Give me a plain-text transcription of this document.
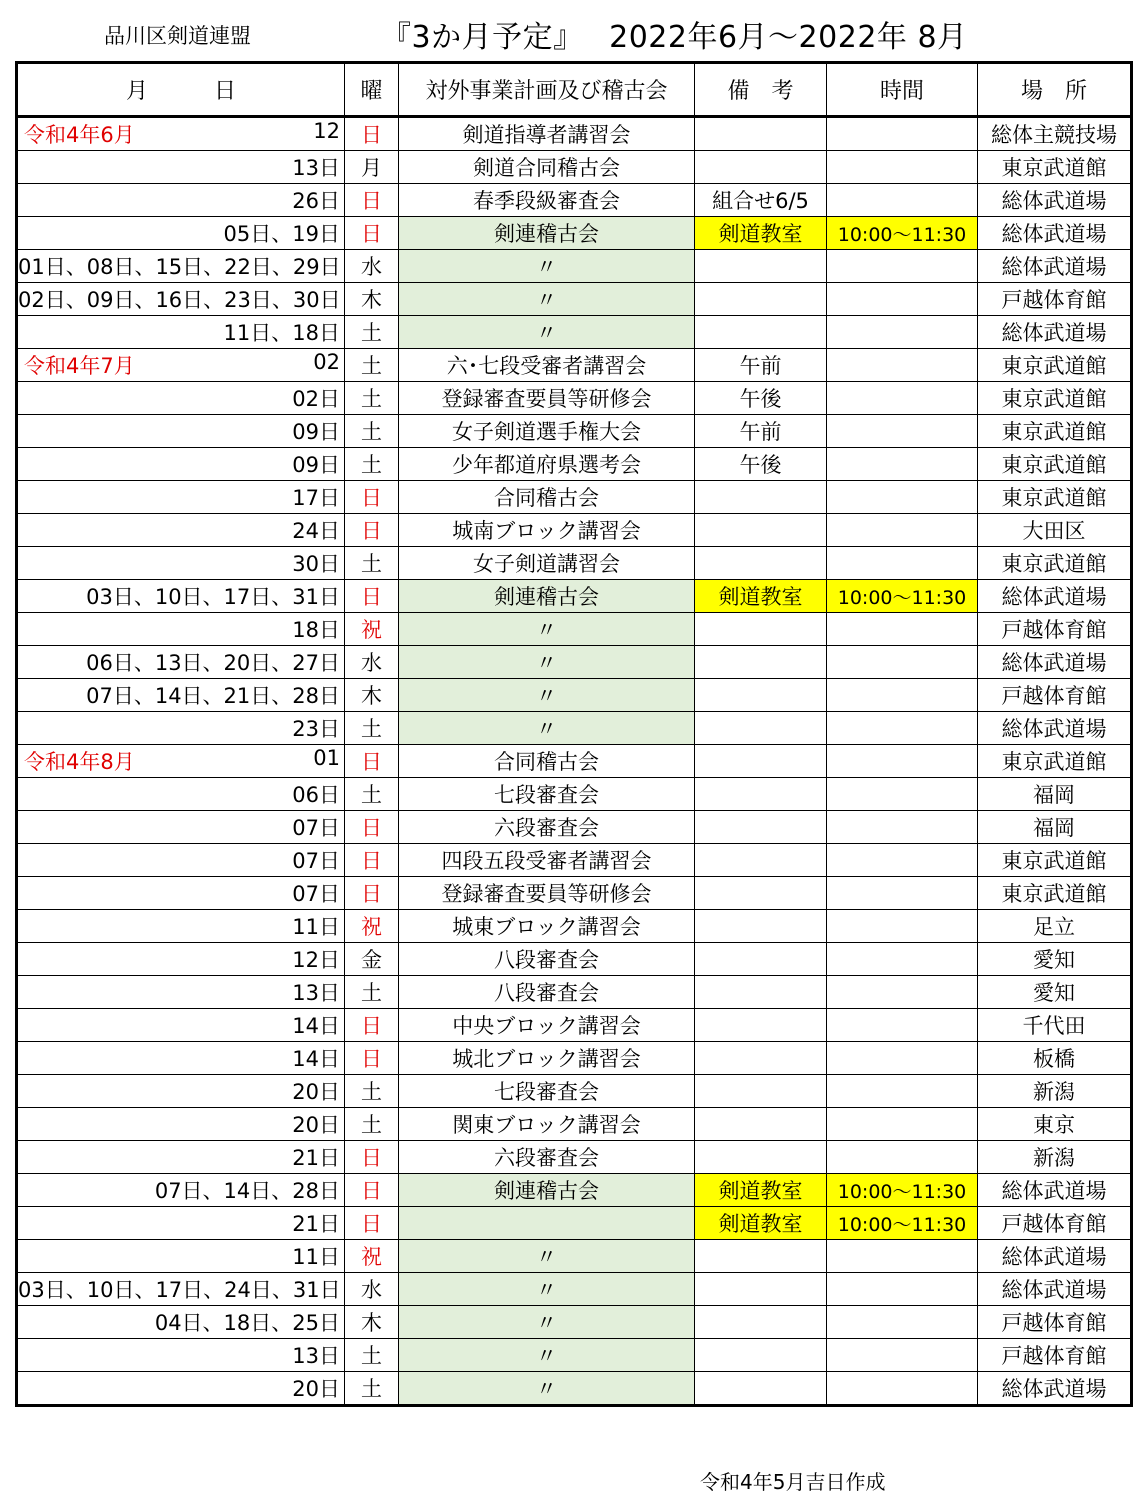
品川区剣道連盟	『3か月予定』　 2022年6月～2022年 8月
月　　　日	曜	対外事業計画及び稽古会	備　考	時間	場　所

令和4年6月 12	日	剣道指導者講習会			総体主競技場

13日	月	剣道合同稽古会			東京武道館

26日	日	春季段級審査会	組合せ6/5		総体武道場

05日、19日	日	剣連稽古会	剣道教室	10:00～11:30	総体武道場

01日、08日、15日、22日、29日	水	〃			総体武道場

02日、09日、16日、23日、30日	木	〃			戸越体育館

11日、18日	土	〃			総体武道場

令和4年7月 02	土	六･七段受審者講習会	午前		東京武道館

02日	土	登録審査要員等研修会	午後		東京武道館

09日	土	女子剣道選手権大会	午前		東京武道館

09日	土	少年都道府県選考会	午後		東京武道館

17日	日	合同稽古会			東京武道館

24日	日	城南ブロック講習会			大田区

30日	土	女子剣道講習会			東京武道館

03日、10日、17日、31日	日	剣連稽古会	剣道教室	10:00～11:30	総体武道場

18日	祝	〃			戸越体育館

06日、13日、20日、27日	水	〃			総体武道場

07日、14日、21日、28日	木	〃			戸越体育館

23日	土	〃			総体武道場

令和4年8月 01	日	合同稽古会			東京武道館

06日	土	七段審査会			福岡

07日	日	六段審査会			福岡

07日	日	四段五段受審者講習会			東京武道館

07日	日	登録審査要員等研修会			東京武道館

11日	祝	城東ブロック講習会			足立

12日	金	八段審査会			愛知

13日	土	八段審査会			愛知

14日	日	中央ブロック講習会			千代田

14日	日	城北ブロック講習会			板橋

20日	土	七段審査会			新潟

20日	土	関東ブロック講習会			東京

21日	日	六段審査会			新潟

07日、14日、28日	日	剣連稽古会	剣道教室	10:00～11:30	総体武道場

21日	日		剣道教室	10:00～11:30	戸越体育館

11日	祝	〃			総体武道場

03日、10日、17日、24日、31日	水	〃			総体武道場

04日、18日、25日	木	〃			戸越体育館

13日	土	〃			戸越体育館

20日	土	〃			総体武道場
令和4年5月吉日作成
